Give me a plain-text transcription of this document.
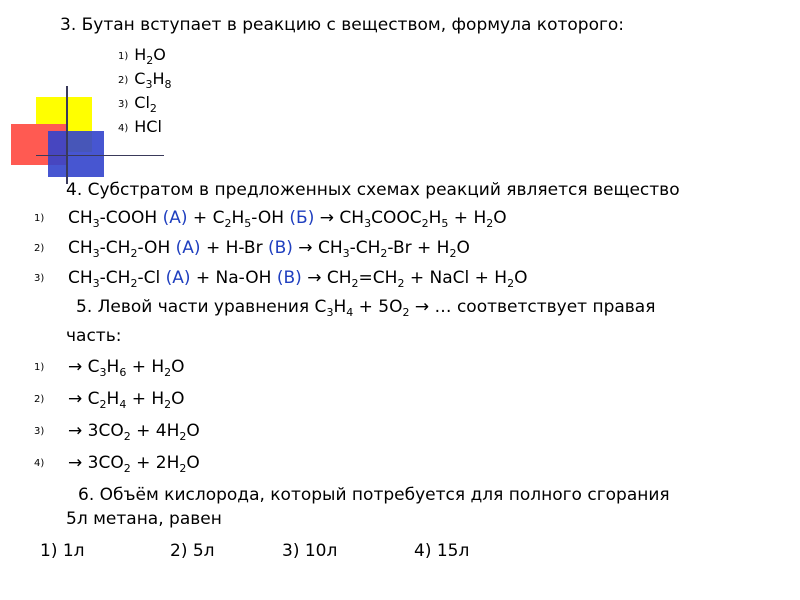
3. Бутан вступает в реакцию с веществом, формула которого:
1) $H_2O$
2) $C_3H_8$
3) $Cl_2$
4) HCl
4. Субстратом в предложенных схемах реакций является вещество
1) $CH_3$-COOH $(А) + C_2H_5-OH$ $(Б) \to CH_3COOC_2H_5 + H_2O$
2) $CH_3-CH_2-OH$ (А) + H-Br $(В) \to CH_3-CH_2-Br + H_2O$
3) $CH_3-CH_2-Cl$ (А) + Na-OH $(В) \to CH_2=CH_2$ + NaCl + $H_2O$
5. Левой части уравнения $C_3H_4 + 5O_2$ → … соответствует правая
часть:
$1) \to C_3H_6 + H_2O$
$2) \to C_2H_4 + H_2O$
$3) \to 3CO_2 + 4H_2O$
$4) \to 3CO_2 + 2H_2O$
6. Объём кислорода, который потребуется для полного сгорания
5л метана, равен
1) 1л	2) 5л	3) 10л	4) 15л
